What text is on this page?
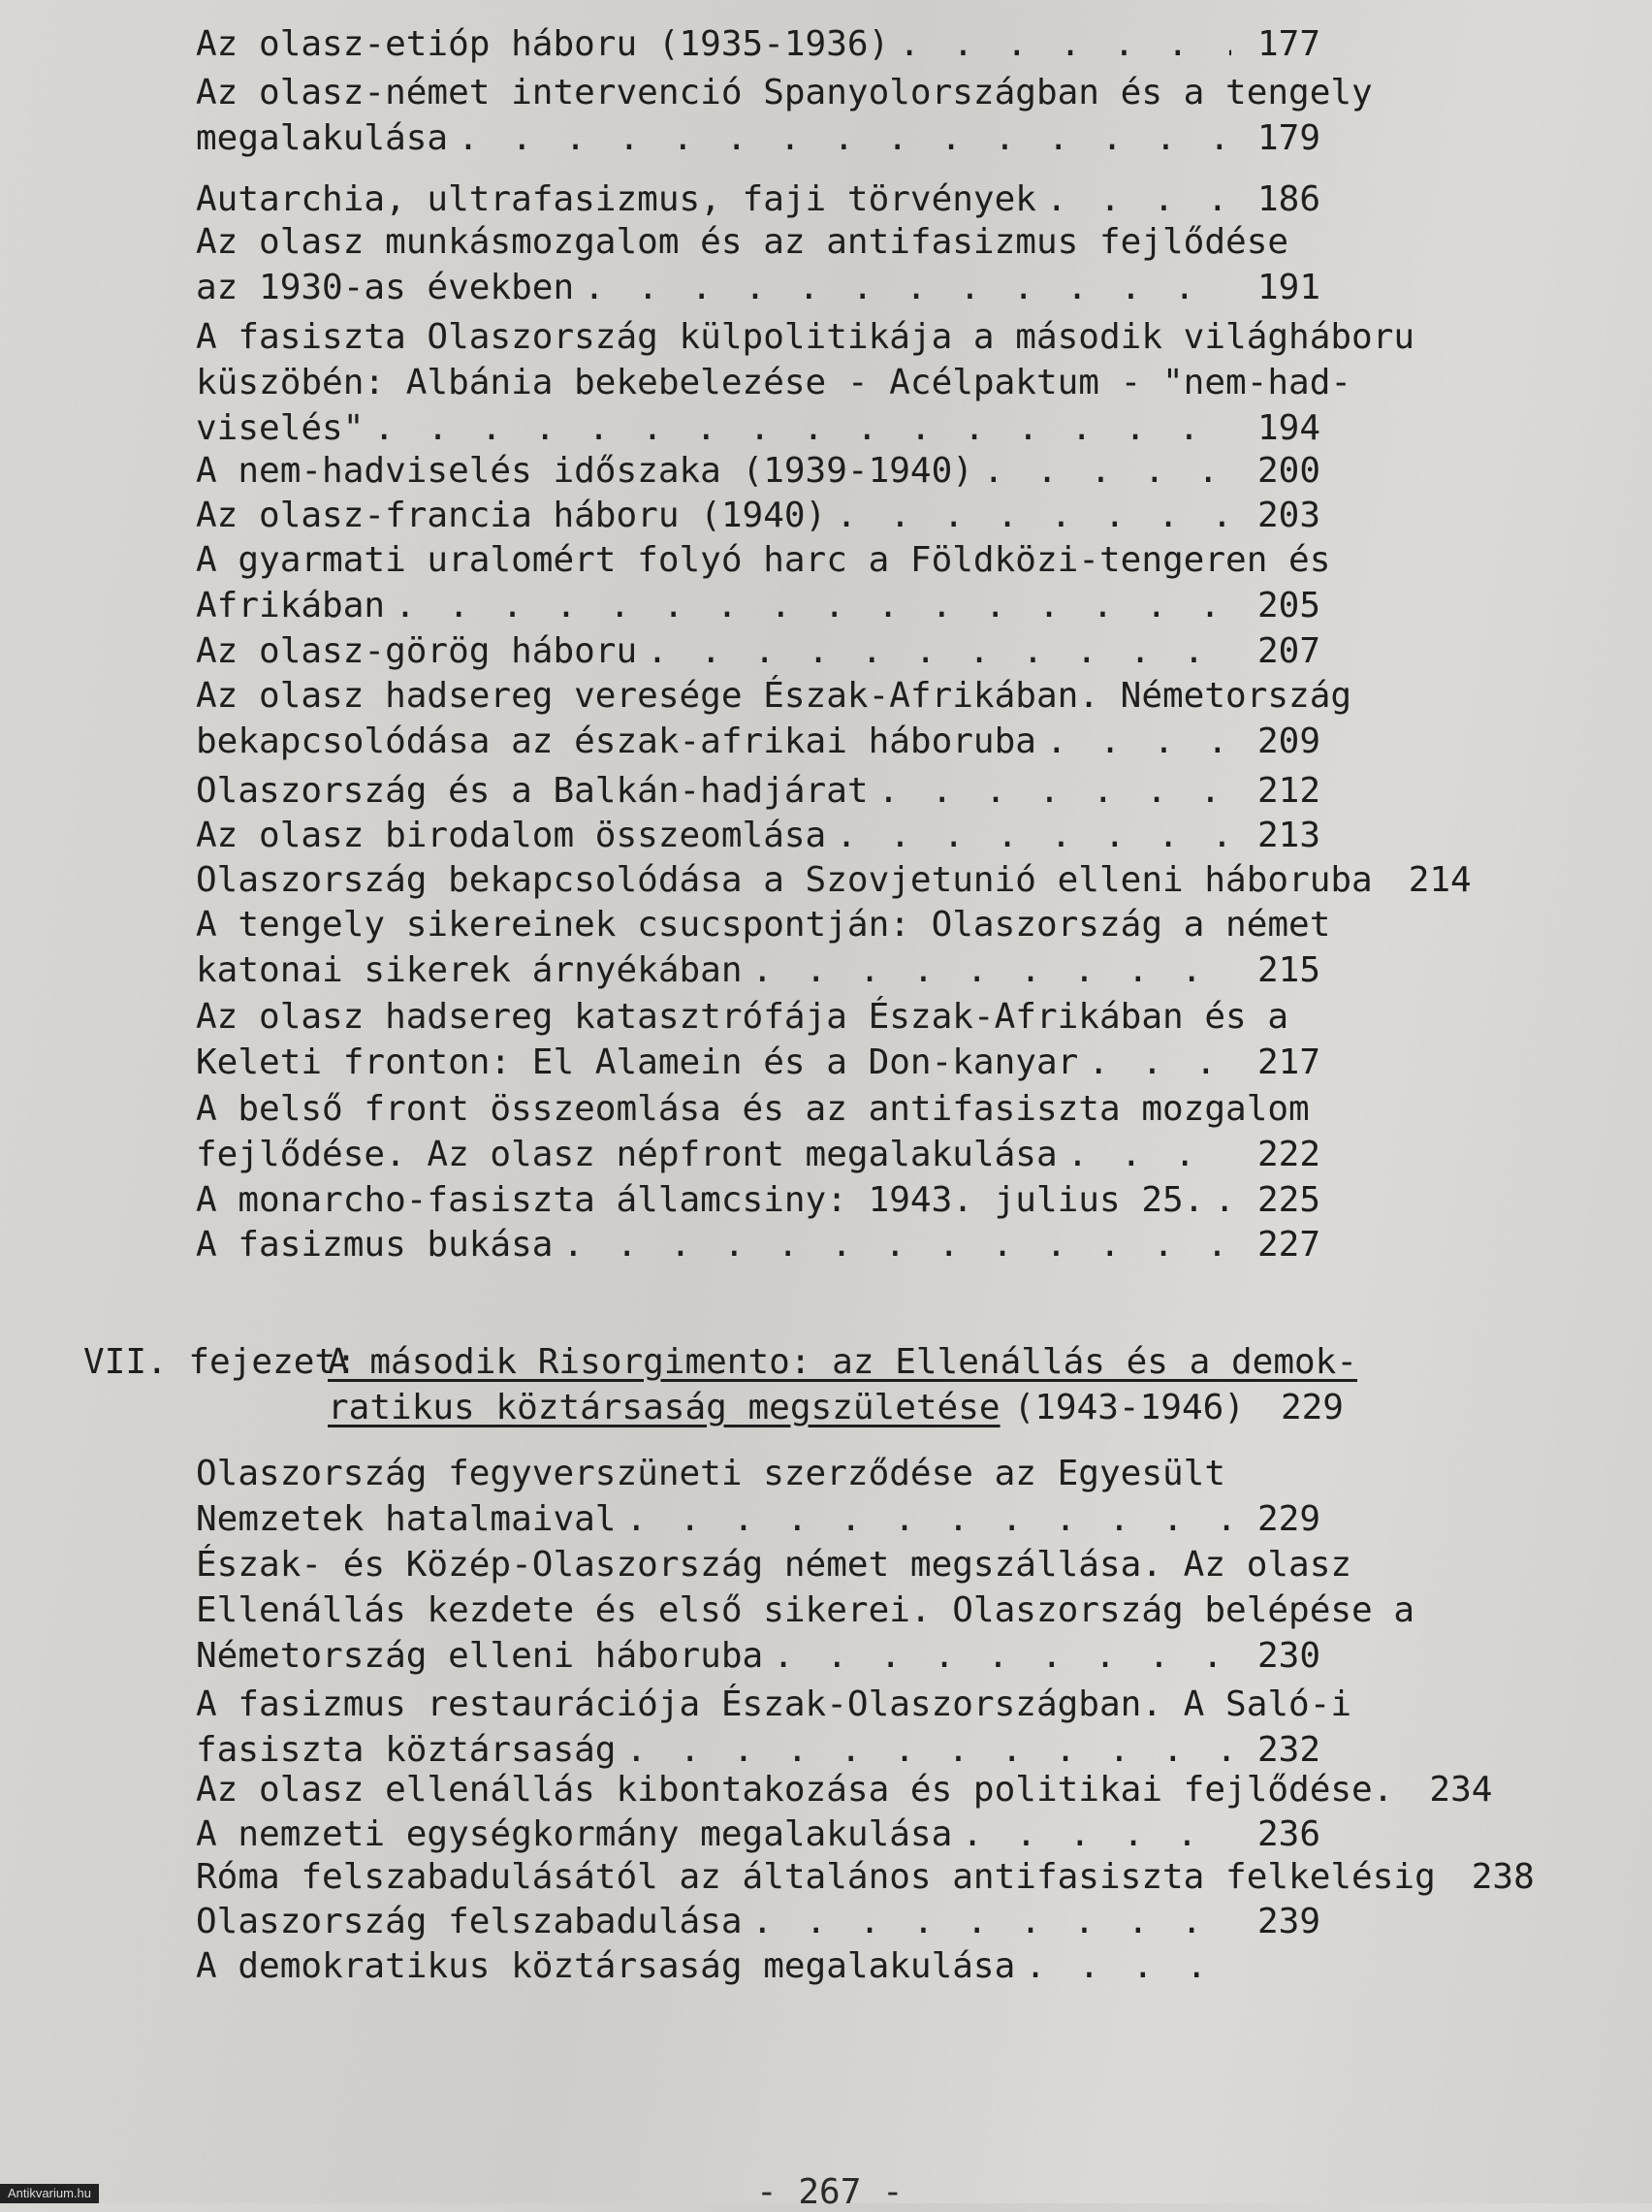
Az olasz-etióp háboru (1935-1936) . . .	177
Az olasz-német intervenció Spanyolországban és a tengely
megalakulása . . .	179
Autarchia, ultrafasizmus, faji törvények . . .	186
Az olasz munkásmozgalom és az antifasizmus fejlődése
az 1930-as években . . .	191
A fasiszta Olaszország külpolitikája a második világháboru
küszöbén: Albánia bekebelezése - Acélpaktum - "nem-had-
viselés" . . .	194
A nem-hadviselés időszaka (1939-1940) . . .	200
Az olasz-francia háboru (1940) . . .	203
A gyarmati uralomért folyó harc a Földközi-tengeren és
Afrikában . . .	205
Az olasz-görög háboru . . .	207
Az olasz hadsereg veresége Észak-Afrikában. Németország
bekapcsolódása az észak-afrikai háboruba . . .	209
Olaszország és a Balkán-hadjárat . . .	212
Az olasz birodalom összeomlása . . .	213
Olaszország bekapcsolódása a Szovjetunió elleni háboruba	214
A tengely sikereinek csucspontján: Olaszország a német
katonai sikerek árnyékában . . .	215
Az olasz hadsereg katasztrófája Észak-Afrikában és a
Keleti fronton: El Alamein és a Don-kanyar . . .	217
A belső front összeomlása és az antifasiszta mozgalom
fejlődése. Az olasz népfront megalakulása . . .	222
A monarcho-fasiszta államcsiny: 1943. julius 25. . . .	225
A fasizmus bukása . . .	227
VII. fejezet:
A második Risorgimento: az Ellenállás és a demok-
ratikus köztársaság megszületése (1943-1946)	229
Olaszország fegyverszüneti szerződése az Egyesült
Nemzetek hatalmaival . . .	229
Észak- és Közép-Olaszország német megszállása. Az olasz
Ellenállás kezdete és első sikerei. Olaszország belépése a
Németország elleni háboruba . . .	230
A fasizmus restaurációja Észak-Olaszországban. A Saló-i
fasiszta köztársaság . . .	232
Az olasz ellenállás kibontakozása és politikai fejlődése.	234
A nemzeti egységkormány megalakulása . . .	236
Róma felszabadulásától az általános antifasiszta felkelésig	238
Olaszország felszabadulása . . .	239
A demokratikus köztársaság megalakulása
. . .
- 267 -
Antikvarium.hu
